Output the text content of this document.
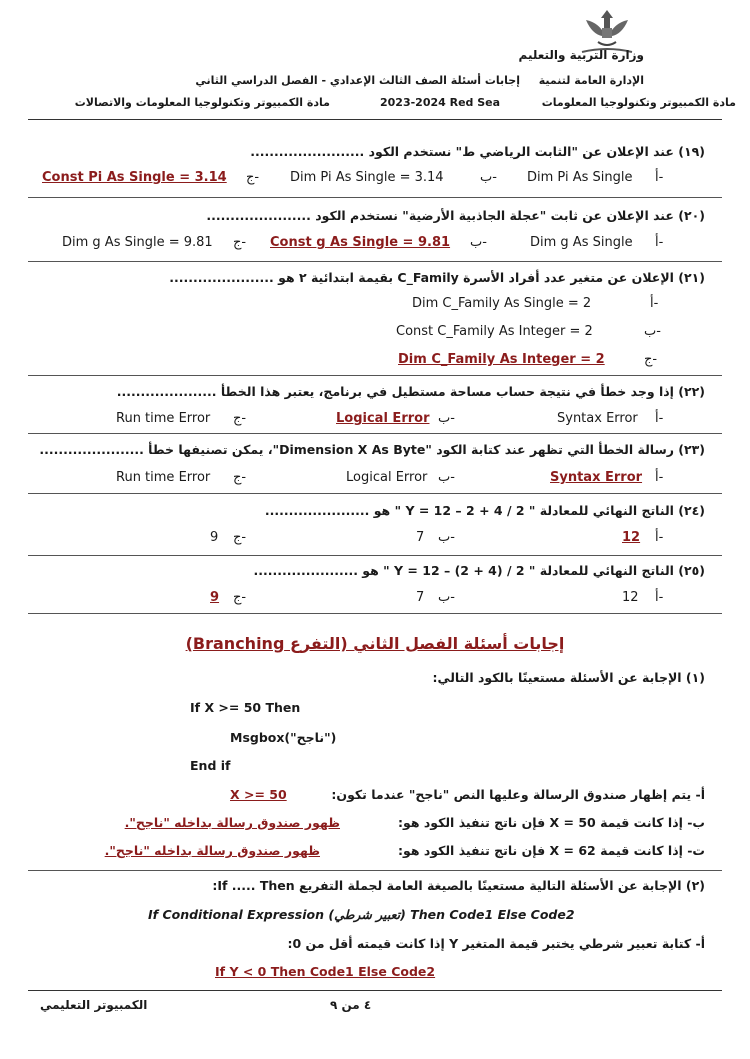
وزارة التربية والتعليم
الإدارة العامة لتنمية
مادة الكمبيوتر وتكنولوجيا المعلومات
إجابات أسئلة الصف الثالث الإعدادي - الفصل الدراسي الثاني
مادة الكمبيوتر وتكنولوجيا المعلومات والاتصالات	2023-2024 Red Sea
(١٩) عند الإعلان عن "الثابت الرياضي ط" نستخدم الكود ........................
أ-
Dim Pi As Single
ب-
Dim Pi As Single = 3.14
ج-
Const Pi As Single = 3.14
(٢٠) عند الإعلان عن ثابت "عجلة الجاذبية الأرضية" نستخدم الكود ......................
أ-
Dim g As Single
ب-
Const g As Single = 9.81
ج-
Dim g As Single = 9.81
(٢١) الإعلان عن متغير عدد أفراد الأسرة C_Family بقيمة ابتدائية ٢ هو ......................
أ-
Dim C_Family As Single = 2
ب-
Const C_Family As Integer = 2
ج-
Dim C_Family As Integer = 2
(٢٢) إذا وجد خطأ في نتيجة حساب مساحة مستطيل في برنامج، يعتبر هذا الخطأ .....................
أ-
Syntax Error
ب-
Logical Error
ج-
Run time Error
(٢٣) رسالة الخطأ التي تظهر عند كتابة الكود "Dimension X As Byte"، يمكن تصنيفها خطأ ......................
أ-
Syntax Error
ب-
Logical Error
ج-
Run time Error
(٢٤) الناتج النهائي للمعادلة " Y = 12 – 2 + 4 / 2 " هو ......................
أ-
12
ب-
7
ج-
9
(٢٥) الناتج النهائي للمعادلة " Y = 12 – (2 + 4) / 2 " هو ......................
أ-
12
ب-
7
ج-
9
إجابات أسئلة الفصل الثاني (التفرع Branching)
(١) الإجابة عن الأسئلة مستعينًا بالكود التالي:
If X >= 50 Then
Msgbox("ناجح")
End if
أ- يتم إظهار صندوق الرسالة وعليها النص "ناجح" عندما تكون:
X >= 50
ب- إذا كانت قيمة X = 50 فإن ناتج تنفيذ الكود هو:
ظهور صندوق رسالة بداخله "ناجح".
ت- إذا كانت قيمة X = 62 فإن ناتج تنفيذ الكود هو:
ظهور صندوق رسالة بداخله "ناجح".
(٢) الإجابة عن الأسئلة التالية مستعينًا بالصيغة العامة لجملة التفريع If ..... Then:
If Conditional Expression (تعبير شرطي) Then Code1 Else Code2
أ- كتابة تعبير شرطي يختبر قيمة المتغير Y إذا كانت قيمته أقل من 0:
If Y < 0 Then Code1 Else Code2
٤ من ٩
الكمبيوتر التعليمي
